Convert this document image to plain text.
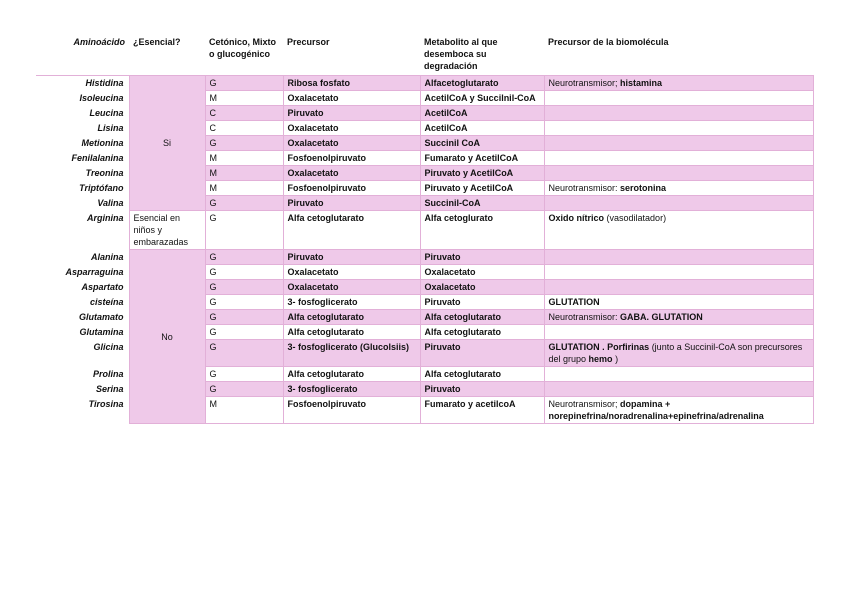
Aminoácido	¿Esencial?	Cetónico, Mixto o glucogénico	Precursor	Metabolito al que desemboca su degradación	Precursor de la biomolécula
Histidina	Si	G	Ribosa fosfato	Alfacetoglutarato	Neurotransmisor; histamina
Isoleucina		M	Oxalacetato	AcetilCoA y Succilnil-CoA	
Leucina		C	Piruvato	AcetilCoA	
Lisina		C	Oxalacetato	AcetilCoA	
Metionina		G	Oxalacetato	Succinil CoA	
Fenilalanina		M	Fosfoenolpiruvato	Fumarato y AcetilCoA	
Treonina		M	Oxalacetato	Piruvato y AcetilCoA	
Triptófano		M	Fosfoenolpiruvato	Piruvato y AcetilCoA	Neurotransmisor: serotonina
Valina		G	Piruvato	Succinil-CoA	
Arginina	Esencial en niños y embarazadas	G	Alfa cetoglutarato	Alfa cetoglurato	Oxido nítrico (vasodilatador)
Alanina	No	G	Piruvato	Piruvato	
Asparraguina		G	Oxalacetato	Oxalacetato	
Aspartato		G	Oxalacetato	Oxalacetato	
cisteína		G	3- fosfoglicerato	Piruvato	GLUTATION
Glutamato		G	Alfa cetoglutarato	Alfa cetoglutarato	Neurotransmisor: GABA. GLUTATION
Glutamina		G	Alfa cetoglutarato	Alfa cetoglutarato	
Glicina		G	3- fosfoglicerato (Glucolsiis)	Piruvato	GLUTATION . Porfirinas (junto a Succinil-CoA son precursores del grupo hemo )
Prolina		G	Alfa cetoglutarato	Alfa cetoglutarato	
Serina		G	3- fosfoglicerato	Piruvato	
Tirosina		M	Fosfoenolpiruvato	Fumarato y acetilcoA	Neurotransmisor; dopamina + norepinefrina/noradrenalina+epinefrina/adrenalina
